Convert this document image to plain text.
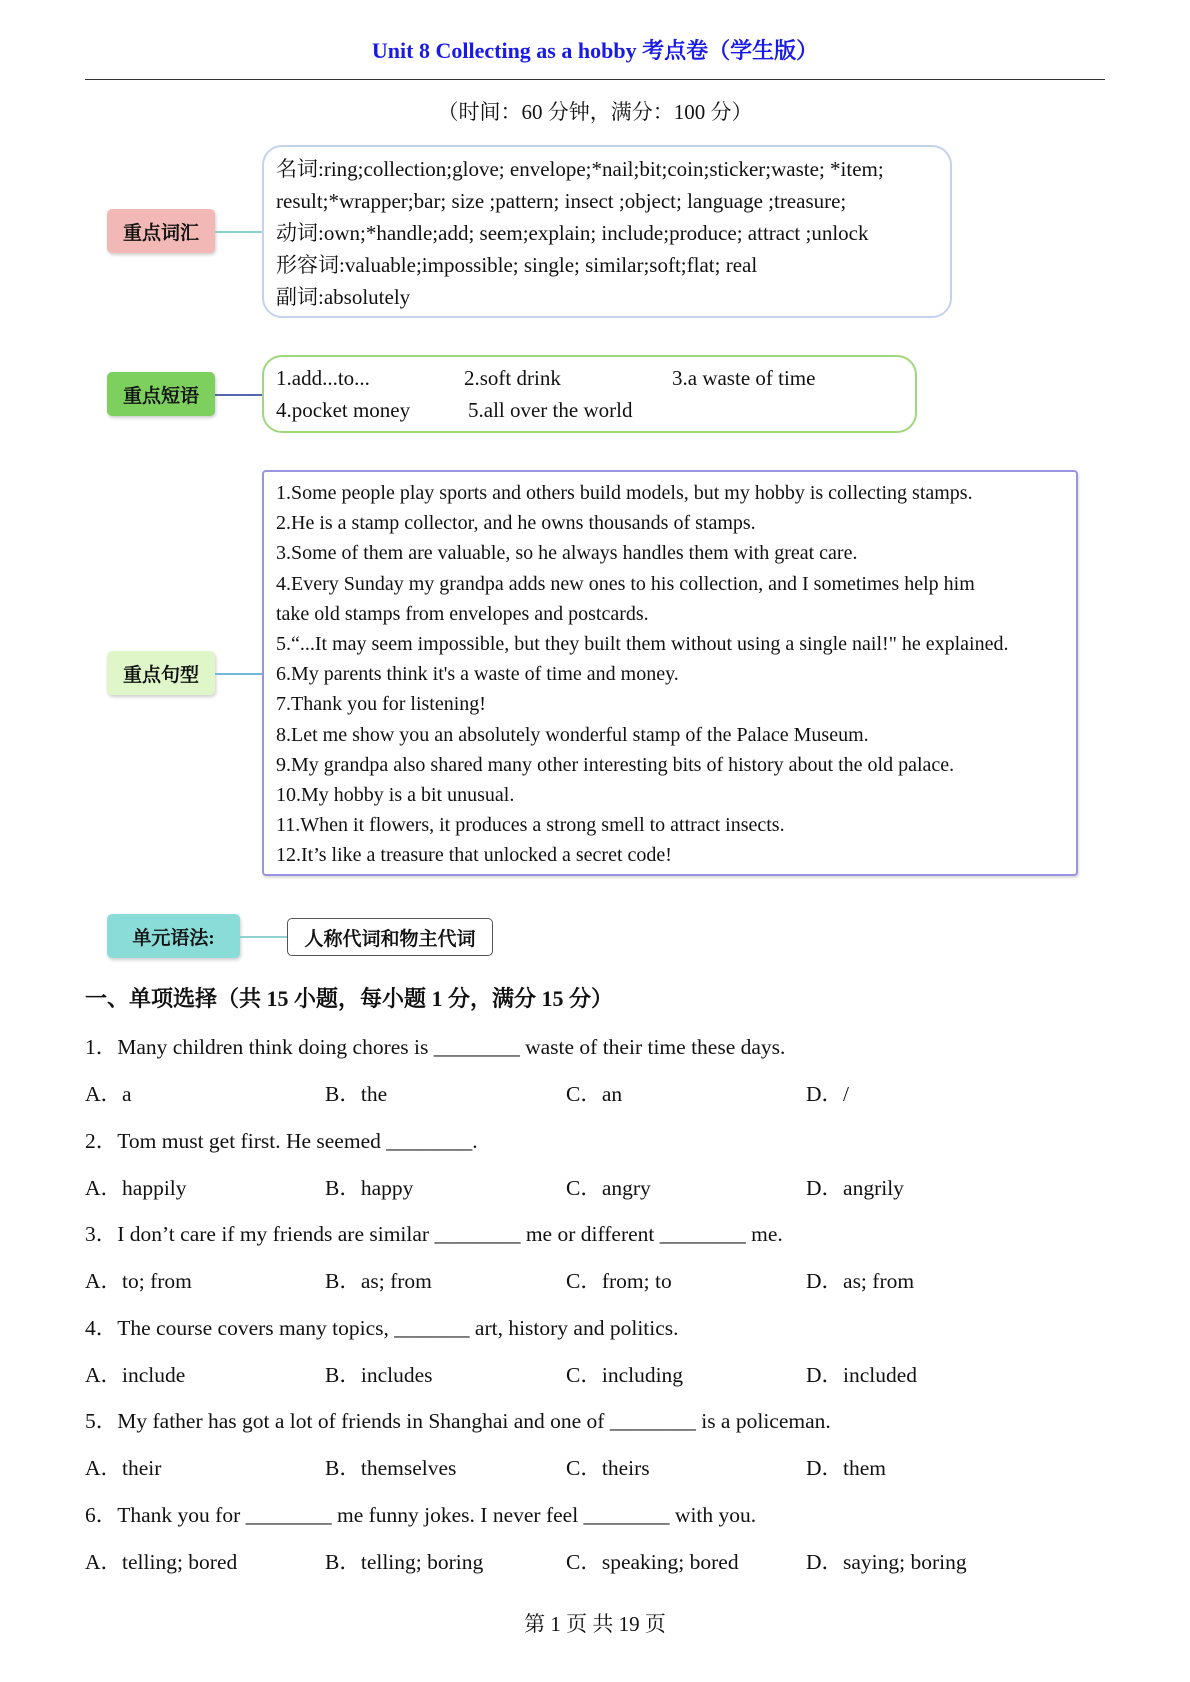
Unit 8 Collecting as a hobby 考点卷（学生版）
（时间：60 分钟，满分：100 分）
重点词汇
名词:ring;collection;glove; envelope;*nail;bit;coin;sticker;waste; *item;
result;*wrapper;bar; size ;pattern; insect ;object; language ;treasure;
动词:own;*handle;add; seem;explain; include;produce; attract ;unlock
形容词:valuable;impossible; single; similar;soft;flat; real
副词:absolutely
重点短语
1.add...to...	2.soft drink	3.a waste of time
4.pocket money	5.all over the world
重点句型
1.Some people play sports and others build models, but my hobby is collecting stamps.
2.He is a stamp collector, and he owns thousands of stamps.
3.Some of them are valuable, so he always handles them with great care.
4.Every Sunday my grandpa adds new ones to his collection, and I sometimes help him
take old stamps from envelopes and postcards.
5.“...It may seem impossible, but they built them without using a single nail!" he explained.
6.My parents think it's a waste of time and money.
7.Thank you for listening!
8.Let me show you an absolutely wonderful stamp of the Palace Museum.
9.My grandpa also shared many other interesting bits of history about the old palace.
10.My hobby is a bit unusual.
11.When it flowers, it produces a strong smell to attract insects.
12.It’s like a treasure that unlocked a secret code!
单元语法:	人称代词和物主代词
一、单项选择（共 15 小题，每小题 1 分，满分 15 分）
1．Many children think doing chores is ________ waste of their time these days.
A．a	B．the	C．an	D．/
2．Tom must get first. He seemed ________.
A．happily	B．happy	C．angry	D．angrily
3．I don’t care if my friends are similar ________ me or different ________ me.
A．to; from	B．as; from	C．from; to	D．as; from
4．The course covers many topics, _______ art, history and politics.
A．include	B．includes	C．including	D．included
5．My father has got a lot of friends in Shanghai and one of ________ is a policeman.
A．their	B．themselves	C．theirs	D．them
6．Thank you for ________ me funny jokes. I never feel ________ with you.
A．telling; bored	B．telling; boring	C．speaking; bored	D．saying; boring
第 1 页 共 19 页
